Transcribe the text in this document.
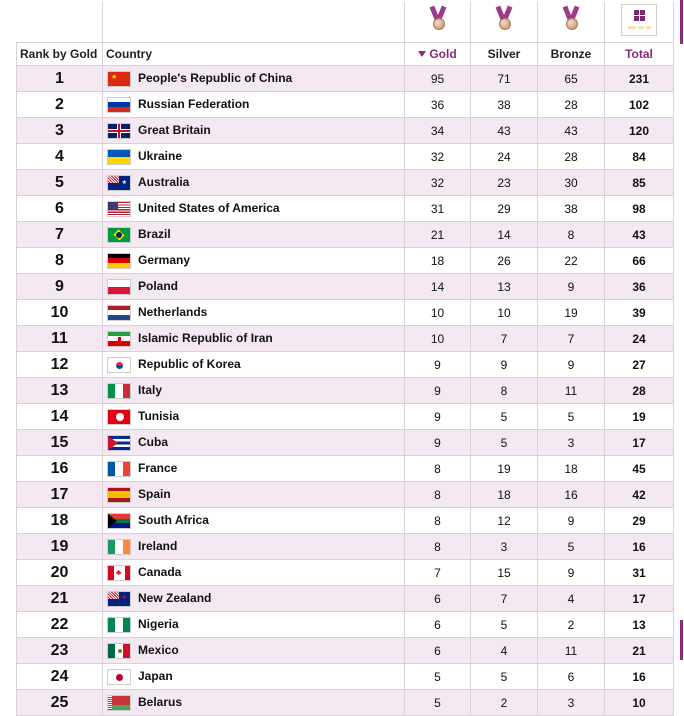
Rank by Gold	Country	Gold	Silver	Bronze	Total
1	★ People's Republic of China	95	71	65	231
2	Russian Federation	36	38	28	102
3	Great Britain	34	43	43	120
4	Ukraine	32	24	28	84
5	★ Australia	32	23	30	85
6	United States of America	31	29	38	98
7	Brazil	21	14	8	43
8	Germany	18	26	22	66
9	Poland	14	13	9	36
10	Netherlands	10	10	19	39
11	Islamic Republic of Iran	10	7	7	24
12	Republic of Korea	9	9	9	27
13	Italy	9	8	11	28
14	Tunisia	9	5	5	19
15	Cuba	9	5	3	17
16	France	8	19	18	45
17	Spain	8	18	16	42
18	South Africa	8	12	9	29
19	Ireland	8	3	5	16
20	♣ Canada	7	15	9	31
21	★ New Zealand	6	7	4	17
22	Nigeria	6	5	2	13
23	Mexico	6	4	11	21
24	Japan	5	5	6	16
25	Belarus	5	2	3	10
